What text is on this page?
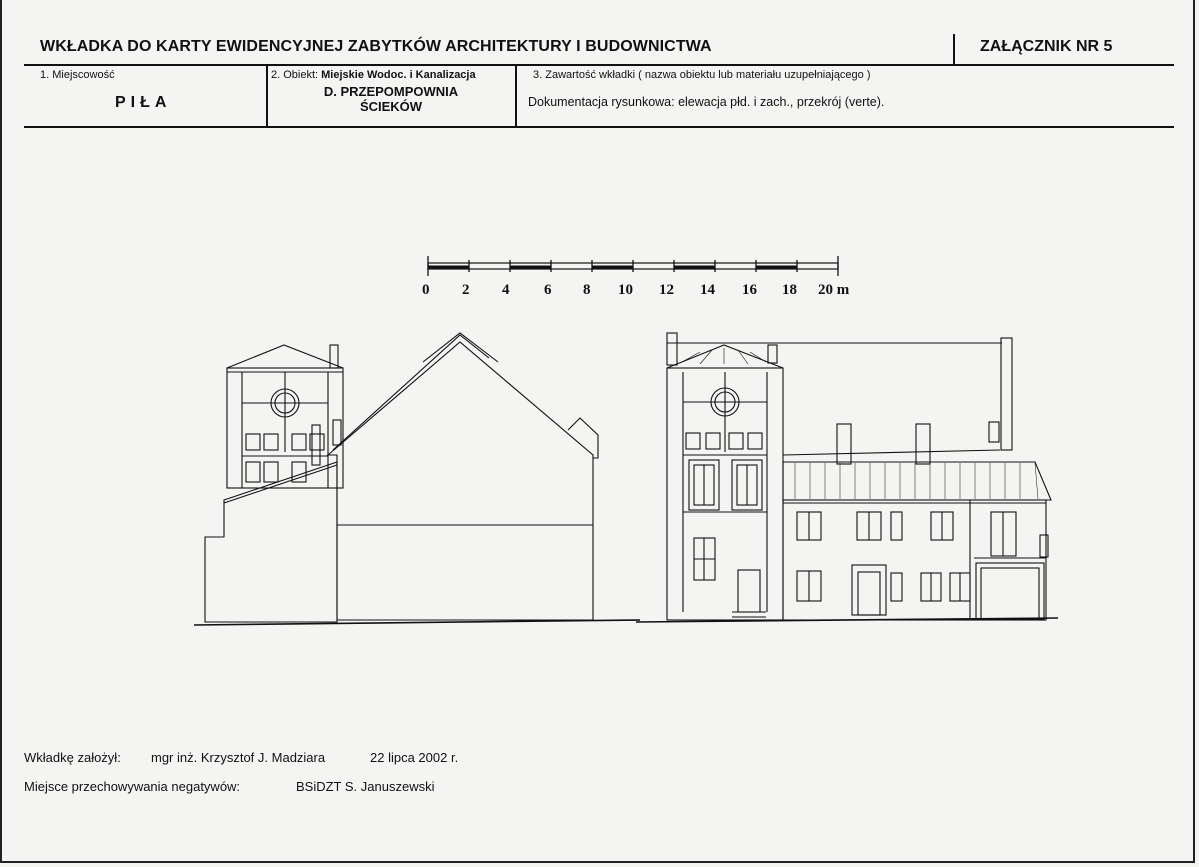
WKŁADKA DO KARTY EWIDENCYJNEJ ZABYTKÓW ARCHITEKTURY I BUDOWNICTWA	ZAŁĄCZNIK NR 5
1. Miejscowość
PIŁA
2. Obiekt: Miejskie Wodoc. i Kanalizacja
D. PRZEPOMPOWNIA
ŚCIEKÓW
3. Zawartość wkładki ( nazwa obiektu lub materiału uzupełniającego )
Dokumentacja rysunkowa: elewacja płd. i zach., przekrój (verte).
0 2 4 6 8 10 12 14 16 18 20 m
Wkładkę założył: mgr inż. Krzysztof J. Madziara	22 lipca 2002 r.
Miejsce przechowywania negatywów:	BSiDZT S. Januszewski
